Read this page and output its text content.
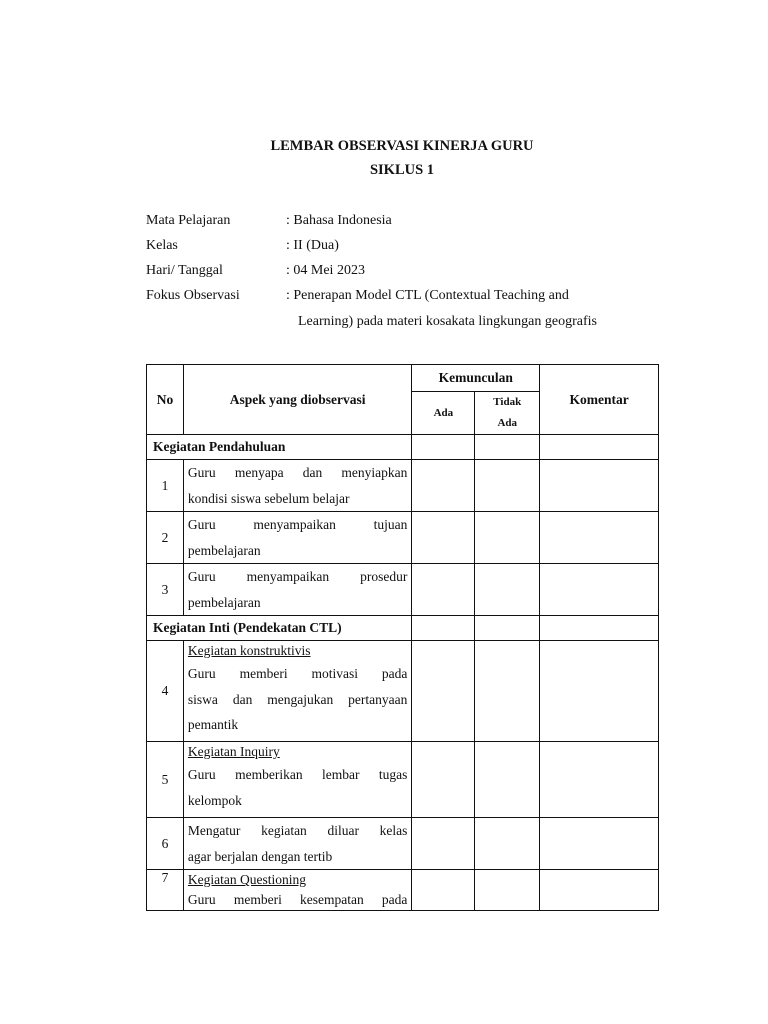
LEMBAR OBSERVASI KINERJA GURU
SIKLUS 1
Mata Pelajaran	: Bahasa Indonesia
Kelas	: II (Dua)
Hari/ Tanggal	: 04 Mei 2023
Fokus Observasi	: Penerapan Model CTL (Contextual Teaching and
Learning) pada materi kosakata lingkungan geografis
No	Aspek yang diobservasi	Kemunculan		Komentar
		Ada	Tidak
Ada	
Kegiatan Pendahuluan				
1	Guru menyapa dan menyiapkan
kondisi siswa sebelum belajar			
2	Guru menyampaikan tujuan
pembelajaran			
3	Guru menyampaikan prosedur
pembelajaran			
Kegiatan Inti (Pendekatan CTL)				
4	Kegiatan konstruktivis
Guru memberi motivasi pada
siswa dan mengajukan pertanyaan
pemantik			
5	Kegiatan Inquiry
Guru memberikan lembar tugas
kelompok			
6	Mengatur kegiatan diluar kelas
agar berjalan dengan tertib			
7	Kegiatan Questioning
Guru memberi kesempatan pada			
